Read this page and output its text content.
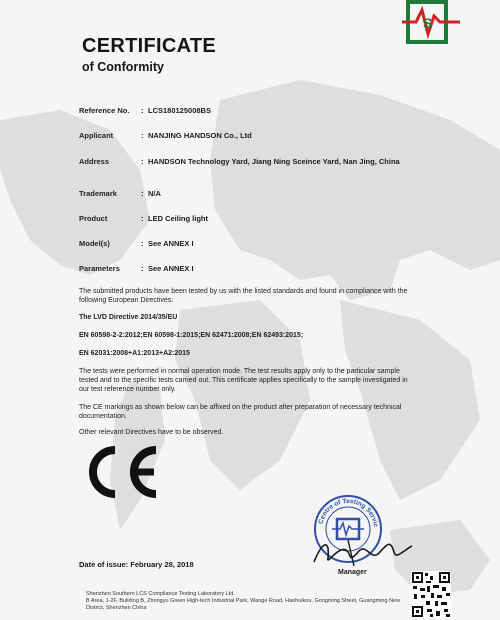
S
CERTIFICATE
of Conformity
Reference No. : LCS180125008BS
Applicant	: NANJING HANDSON Co., Ltd
Address	: HANDSON Technology Yard, Jiang Ning Sceince Yard, Nan Jing, China
Trademark	: N/A
Product	: LED Ceiling light
Model(s)	: See ANNEX I
Parameters	: See ANNEX I
The submitted products have been tested by us with the listed standards and found in compliance with the following European Directives:
The LVD Directive 2014/35/EU
EN 60598-2-2:2012;EN 60598-1:2015;EN 62471:2008;EN 62493:2015;
EN 62031:2008+A1:2013+A2:2015
The tests were performed in normal operation mode. The test results apply only to the particular sample tested and to the specific tests carried out. This certificate applies specifically to the sample investigated in our test reference number only.
The CE markings as shown below can be affixed on the product after preparation of necessary technical documentation.
Other relevant Directives have to be observed.
Centre of Testing Servic
Date of issue: February 28, 2018
Manager
Shenzhen Southern LCS Compliance Testing Laboratory Ltd.
B Area, 1-2F, Building B, Zhongyu Green High-tech Industrial Park, Wange Road, Haohuikou, Gongming Street, Guangming New District, Shenzhen China
